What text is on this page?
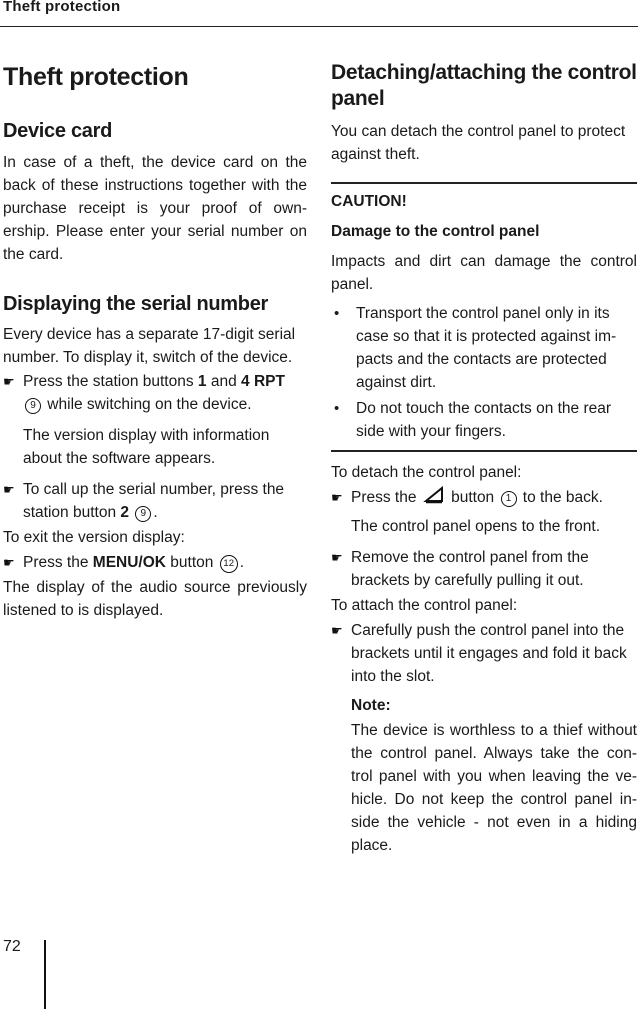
Theft protection
Theft protection
Device card

In case of a theft, the device card on the back of these instructions together with the purchase receipt is your proof of own-ership. Please enter your serial number on the card.

Displaying the serial number

Every device has a separate 17-digit serial number. To display it, switch of the device.

☛ Press the station buttons 1 and 4 RPT
9 while switching on the device.

The version display with information about the software appears.

☛ To call up the serial number, press the station button 2 9 .

To exit the version display:

☛ Press the MENU/OK button 12 .

The display of the audio source previously listened to is displayed.

Detaching/attaching the control panel

You can detach the control panel to protect against theft.

CAUTION!

Damage to the control panel

Impacts and dirt can damage the control panel.

• Transport the control panel only in its case so that it is protected against im-pacts and the contacts are protected against dirt.
• Do not touch the contacts on the rear side with your fingers.

To detach the control panel:

☛ Press the  button 1 to the back.

The control panel opens to the front.

☛ Remove the control panel from the brackets by carefully pulling it out.

To attach the control panel:

☛ Carefully push the control panel into the brackets until it engages and fold it back into the slot.

Note:

The device is worthless to a thief without the control panel. Always take the con-trol panel with you when leaving the ve-hicle. Do not keep the control panel in-side the vehicle - not even in a hiding place.

72
